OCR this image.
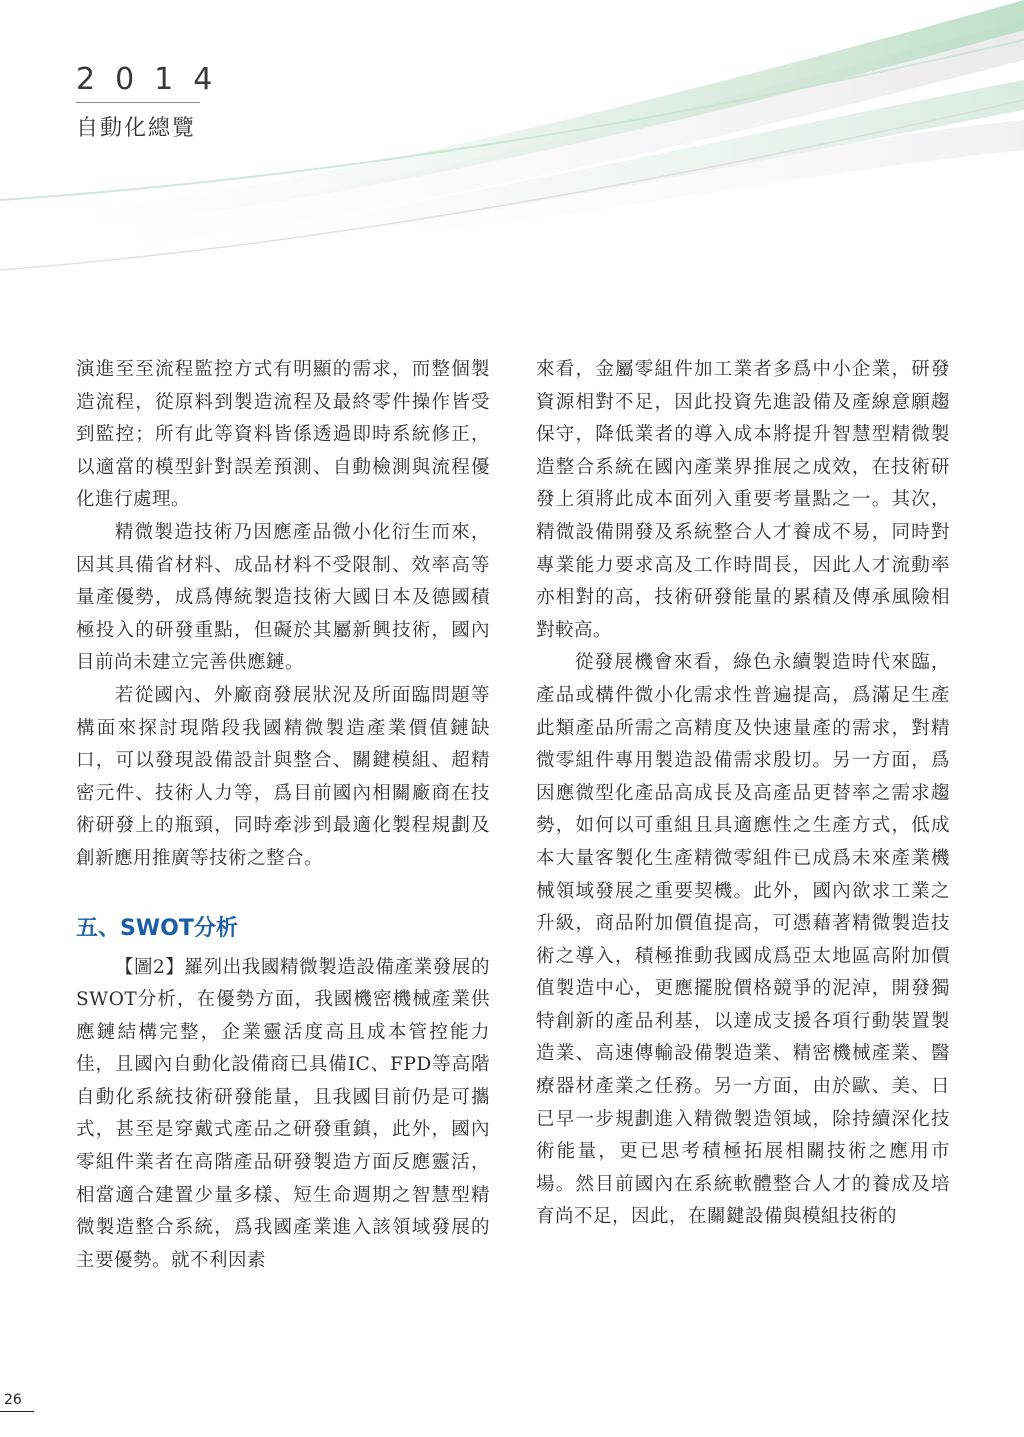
2014
自動化總覽

演進至至流程監控方式有明顯的需求，而整個製造流程，從原料到製造流程及最終零件操作皆受到監控；所有此等資料皆係透過即時系統修正，以適當的模型針對誤差預測、自動檢測與流程優化進行處理。

精微製造技術乃因應產品微小化衍生而來，因其具備省材料、成品材料不受限制、效率高等量產優勢，成爲傳統製造技術大國日本及德國積極投入的研發重點，但礙於其屬新興技術，國內目前尚未建立完善供應鏈。

若從國內、外廠商發展狀況及所面臨問題等構面來探討現階段我國精微製造產業價值鏈缺口，可以發現設備設計與整合、關鍵模組、超精密元件、技術人力等，爲目前國內相關廠商在技術研發上的瓶頸，同時牽涉到最適化製程規劃及創新應用推廣等技術之整合。

五、SWOT分析

【圖2】羅列出我國精微製造設備產業發展的 SWOT分析，在優勢方面，我國機密機械產業供應鏈結構完整，企業靈活度高且成本管控能力佳，且國內自動化設備商已具備IC、FPD等高階自動化系統技術研發能量，且我國目前仍是可攜式，甚至是穿戴式產品之研發重鎮，此外，國內零組件業者在高階產品研發製造方面反應靈活，相當適合建置少量多樣、短生命週期之智慧型精微製造整合系統，爲我國產業進入該領域發展的主要優勢。就不利因素

來看，金屬零組件加工業者多爲中小企業，研發資源相對不足，因此投資先進設備及產線意願趨保守，降低業者的導入成本將提升智慧型精微製造整合系統在國內產業界推展之成效，在技術研發上須將此成本面列入重要考量點之一。其次，精微設備開發及系統整合人才養成不易，同時對專業能力要求高及工作時間長，因此人才流動率亦相對的高，技術研發能量的累積及傳承風險相對較高。

從發展機會來看，綠色永續製造時代來臨，產品或構件微小化需求性普遍提高，爲滿足生產此類產品所需之高精度及快速量產的需求，對精微零組件專用製造設備需求殷切。另一方面，爲因應微型化產品高成長及高產品更替率之需求趨勢，如何以可重組且具適應性之生產方式，低成本大量客製化生產精微零組件已成爲未來產業機械領域發展之重要契機。此外，國內欲求工業之升級，商品附加價值提高，可憑藉著精微製造技術之導入，積極推動我國成爲亞太地區高附加價值製造中心，更應擺脫價格競爭的泥淖，開發獨特創新的產品利基，以達成支援各項行動裝置製造業、高速傳輸設備製造業、精密機械產業、醫療器材產業之任務。另一方面，由於歐、美、日已早一步規劃進入精微製造領域，除持續深化技術能量，更已思考積極拓展相關技術之應用市場。然目前國內在系統軟體整合人才的養成及培育尚不足，因此，在關鍵設備與模組技術的

26
